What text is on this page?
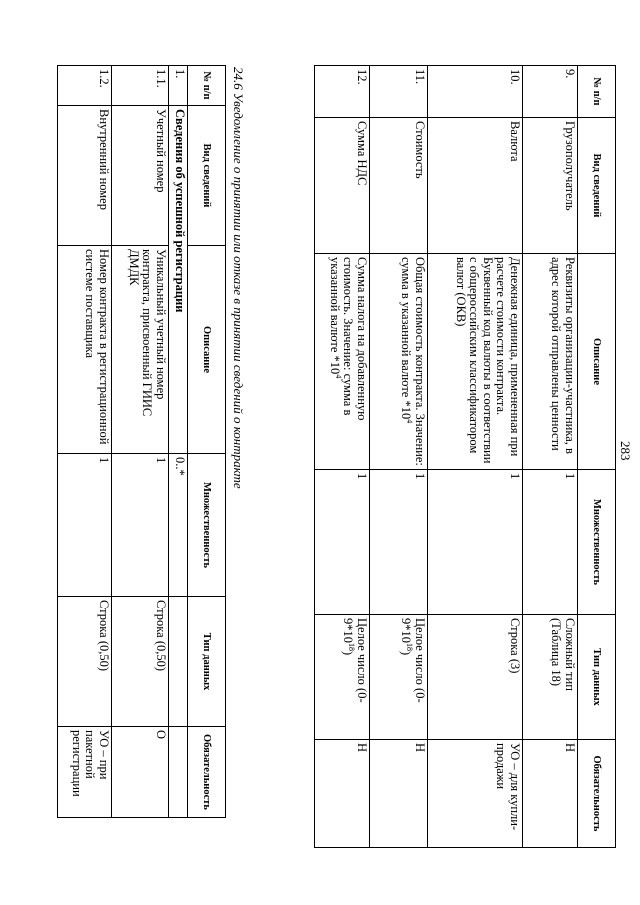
283
№ п/п	Вид сведений	Описание	Множественность	Тип данных	Обязательность
9.	Грузополучатель	Реквизиты организации-участника, в адрес которой отправлены ценности	1	Сложный тип (Таблица 18)	Н
10.	Валюта	Денежная единица, примененная при расчете стоимости контракта. Буквенный код валюты в соответствии с общероссийским классификатором валют (ОКВ)	1	Строка (3)	УО – для купли-продажи
11.	Стоимость	Общая стоимость контракта. Значение: сумма в указанной валюте $*10^4$	1	Целое число $(0-9*10^{18})$	Н
12.	Сумма НДС	Сумма налога на добавленную стоимость. Значение: сумма в указанной валюте $*10^4$	1	Целое число $(0-9*10^{18})$	Н
24.6 Уведомление о принятии или отказе в принятии сведений о контракте
№ п/п	Вид сведений	Описание	Множественность	Тип данных	Обязательность
1.	Сведения об успешной регистрации		0..*		
1.1.	Учетный номер	Уникальный учетный номер контракта, присвоенный ГИИС ДМДК	1	Строка (0,50)	О
1.2.	Внутренний номер	Номер контракта в регистрационной системе поставщика	1	Строка (0,50)	УО – при пакетной регистрации
